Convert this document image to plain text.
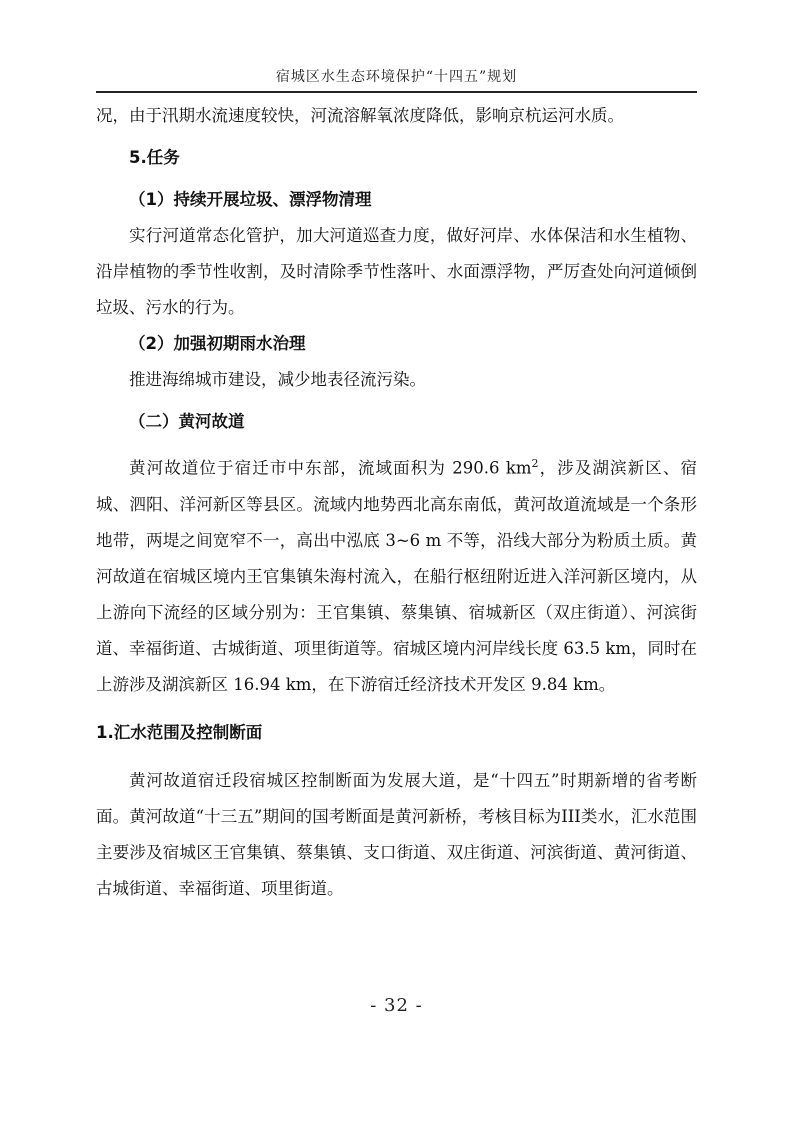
宿城区水生态环境保护“十四五”规划

况，由于汛期水流速度较快，河流溶解氧浓度降低，影响京杭运河水质。

5.任务
（1）持续开展垃圾、漂浮物清理

实行河道常态化管护，加大河道巡查力度，做好河岸、水体保洁和水生植物、沿岸植物的季节性收割，及时清除季节性落叶、水面漂浮物，严厉查处向河道倾倒垃圾、污水的行为。

（2）加强初期雨水治理

推进海绵城市建设，减少地表径流污染。

（二）黄河故道

黄河故道位于宿迁市中东部，流域面积为 290.6 $km^2$，涉及湖滨新区、宿城、泗阳、洋河新区等县区。流域内地势西北高东南低，黄河故道流域是一个条形地带，两堤之间宽窄不一，高出中泓底 3~6 m 不等，沿线大部分为粉质土质。黄河故道在宿城区境内王官集镇朱海村流入，在船行枢纽附近进入洋河新区境内，从上游向下流经的区域分别为：王官集镇、蔡集镇、宿城新区（双庄街道）、河滨街道、幸福街道、古城街道、项里街道等。宿城区境内河岸线长度 63.5 km，同时在上游涉及湖滨新区 16.94 km，在下游宿迁经济技术开发区 9.84 km。

1.汇水范围及控制断面

黄河故道宿迁段宿城区控制断面为发展大道，是“十四五”时期新增的省考断面。黄河故道“十三五”期间的国考断面是黄河新桥，考核目标为III类水，汇水范围主要涉及宿城区王官集镇、蔡集镇、支口街道、双庄街道、河滨街道、黄河街道、古城街道、幸福街道、项里街道。

- 32 -
